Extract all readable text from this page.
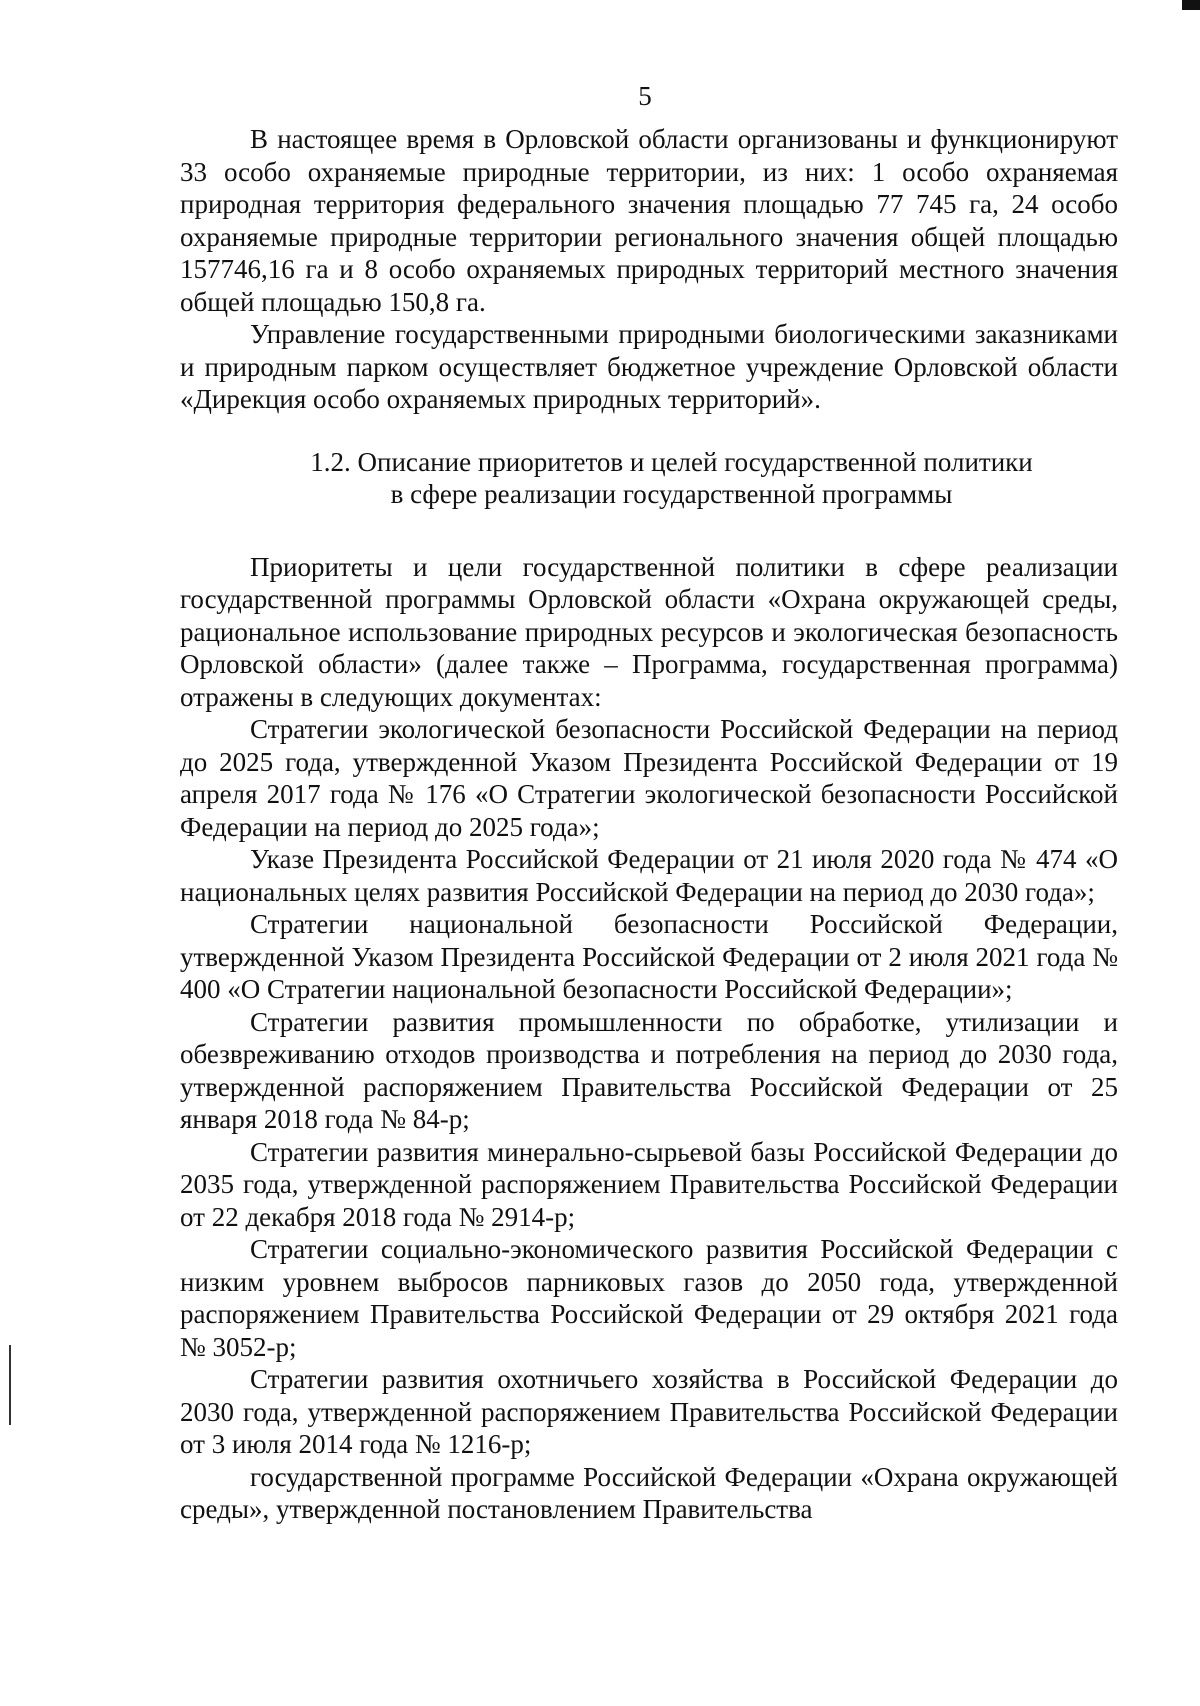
5

В настоящее время в Орловской области организованы и функционируют 33 особо охраняемые природные территории, из них: 1 особо охраняемая природная территория федерального значения площадью 77 745 га, 24 особо охраняемые природные территории регионального значения общей площадью 157746,16 га и 8 особо охраняемых природных территорий местного значения общей площадью 150,8 га.

Управление государственными природными биологическими заказниками и природным парком осуществляет бюджетное учреждение Орловской области «Дирекция особо охраняемых природных территорий».

1.2. Описание приоритетов и целей государственной политики
в сфере реализации государственной программы

Приоритеты и цели государственной политики в сфере реализации государственной программы Орловской области «Охрана окружающей среды, рациональное использование природных ресурсов и экологическая безопасность Орловской области» (далее также – Программа, государственная программа) отражены в следующих документах:

Стратегии экологической безопасности Российской Федерации на период до 2025 года, утвержденной Указом Президента Российской Федерации от 19 апреля 2017 года № 176 «О Стратегии экологической безопасности Российской Федерации на период до 2025 года»;

Указе Президента Российской Федерации от 21 июля 2020 года № 474 «О национальных целях развития Российской Федерации на период до 2030 года»;

Стратегии национальной безопасности Российской Федерации, утвержденной Указом Президента Российской Федерации от 2 июля 2021 года № 400 «О Стратегии национальной безопасности Российской Федерации»;

Стратегии развития промышленности по обработке, утилизации и обезвреживанию отходов производства и потребления на период до 2030 года, утвержденной распоряжением Правительства Российской Федерации от 25 января 2018 года № 84-р;

Стратегии развития минерально-сырьевой базы Российской Федерации до 2035 года, утвержденной распоряжением Правительства Российской Федерации от 22 декабря 2018 года № 2914-р;

Стратегии социально-экономического развития Российской Федерации с низким уровнем выбросов парниковых газов до 2050 года, утвержденной распоряжением Правительства Российской Федерации от 29 октября 2021 года № 3052-р;

Стратегии развития охотничьего хозяйства в Российской Федерации до 2030 года, утвержденной распоряжением Правительства Российской Федерации от 3 июля 2014 года № 1216-р;

государственной программе Российской Федерации «Охрана окружающей среды», утвержденной постановлением Правительства
